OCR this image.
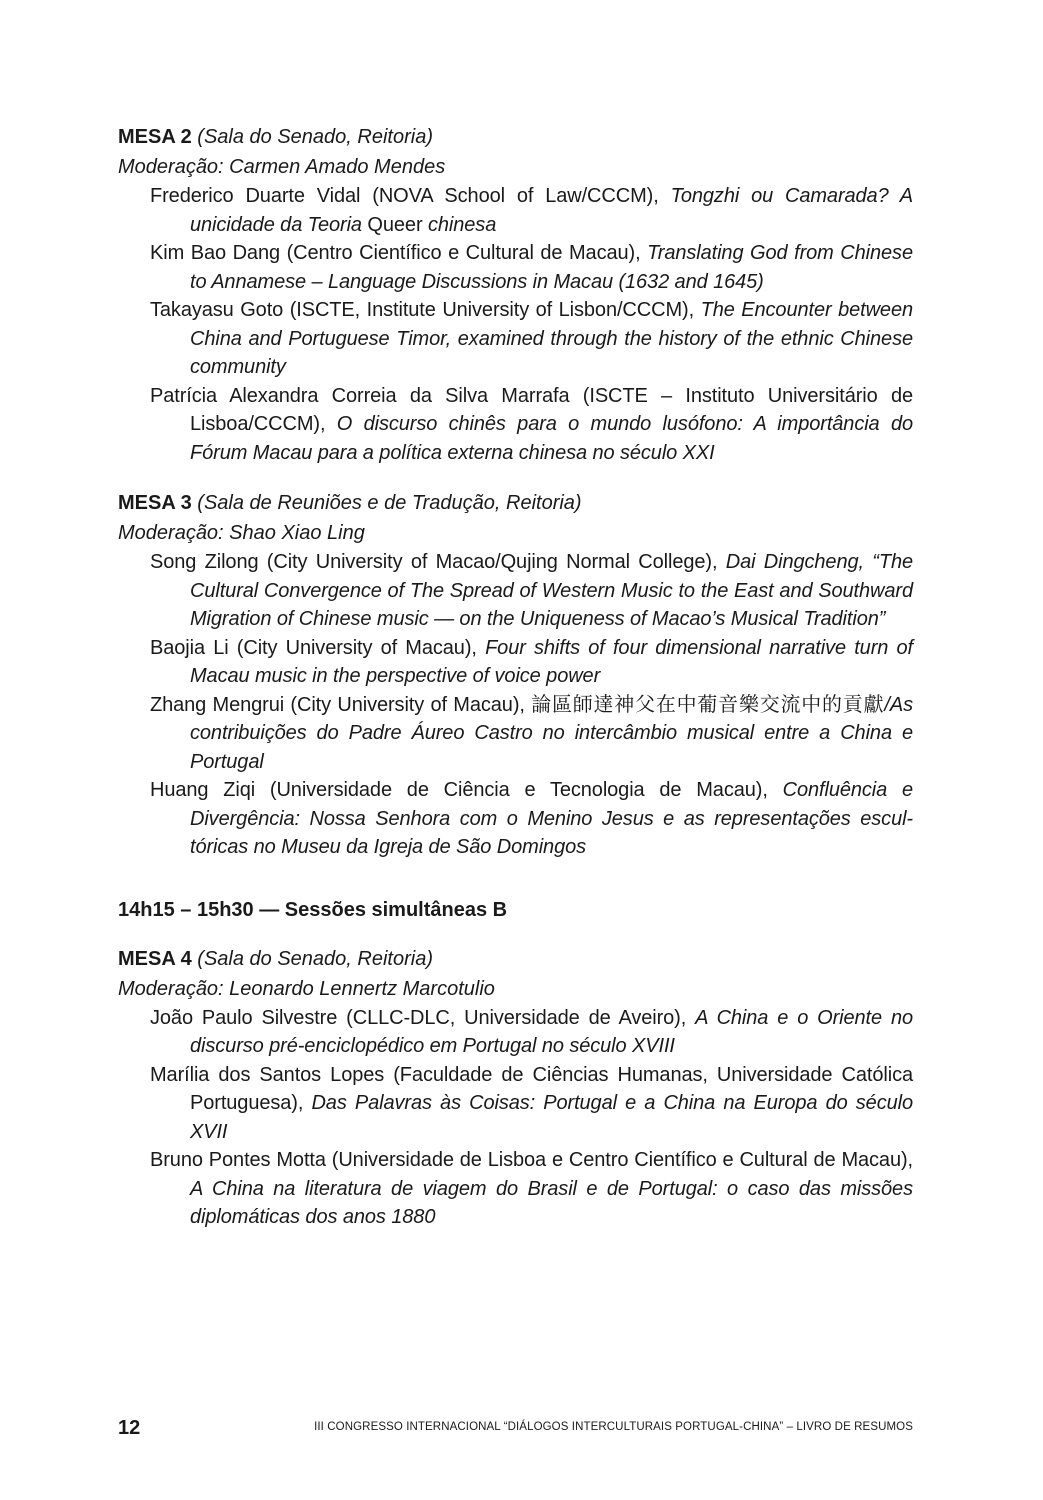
MESA 2 (Sala do Senado, Reitoria)

Moderação: Carmen Amado Mendes

Frederico Duarte Vidal (NOVA School of Law/CCCM), Tongzhi ou Camarada? A unicidade da Teoria Queer chinesa

Kim Bao Dang (Centro Científico e Cultural de Macau), Translating God from Chinese to Annamese – Language Discussions in Macau (1632 and 1645)

Takayasu Goto (ISCTE, Institute University of Lisbon/CCCM), The Encounter between China and Portuguese Timor, examined through the history of the ethnic Chinese community

Patrícia Alexandra Correia da Silva Marrafa (ISCTE – Instituto Universitário de Lisboa/CCCM), O discurso chinês para o mundo lusófono: A importância do Fórum Macau para a política externa chinesa no século XXI

MESA 3 (Sala de Reuniões e de Tradução, Reitoria)

Moderação: Shao Xiao Ling

Song Zilong (City University of Macao/Qujing Normal College), Dai Dingcheng, “The Cultural Convergence of The Spread of Western Music to the East and Southward Migration of Chinese music — on the Uniqueness of Macao’s Musical Tradition”

Baojia Li (City University of Macau), Four shifts of four dimensional narrative turn of Macau music in the perspective of voice power

Zhang Mengrui (City University of Macau), 論區師達神父在中葡音樂交流中的貢獻/As contribuições do Padre Áureo Castro no intercâmbio musical entre a China e Portugal

Huang Ziqi (Universidade de Ciência e Tecnologia de Macau), Confluência e Divergência: Nossa Senhora com o Menino Jesus e as representações escul-tóricas no Museu da Igreja de São Domingos

14h15 – 15h30 — Sessões simultâneas B

MESA 4 (Sala do Senado, Reitoria)

Moderação: Leonardo Lennertz Marcotulio

João Paulo Silvestre (CLLC-DLC, Universidade de Aveiro), A China e o Oriente no discurso pré-enciclopédico em Portugal no século XVIII

Marília dos Santos Lopes (Faculdade de Ciências Humanas, Universidade Católica Portuguesa), Das Palavras às Coisas: Portugal e a China na Europa do século XVII

Bruno Pontes Motta (Universidade de Lisboa e Centro Científico e Cultural de Macau), A China na literatura de viagem do Brasil e de Portugal: o caso das missões diplomáticas dos anos 1880

12	III CONGRESSO INTERNACIONAL “DIÁLOGOS INTERCULTURAIS PORTUGAL-CHINA” – LIVRO DE RESUMOS
